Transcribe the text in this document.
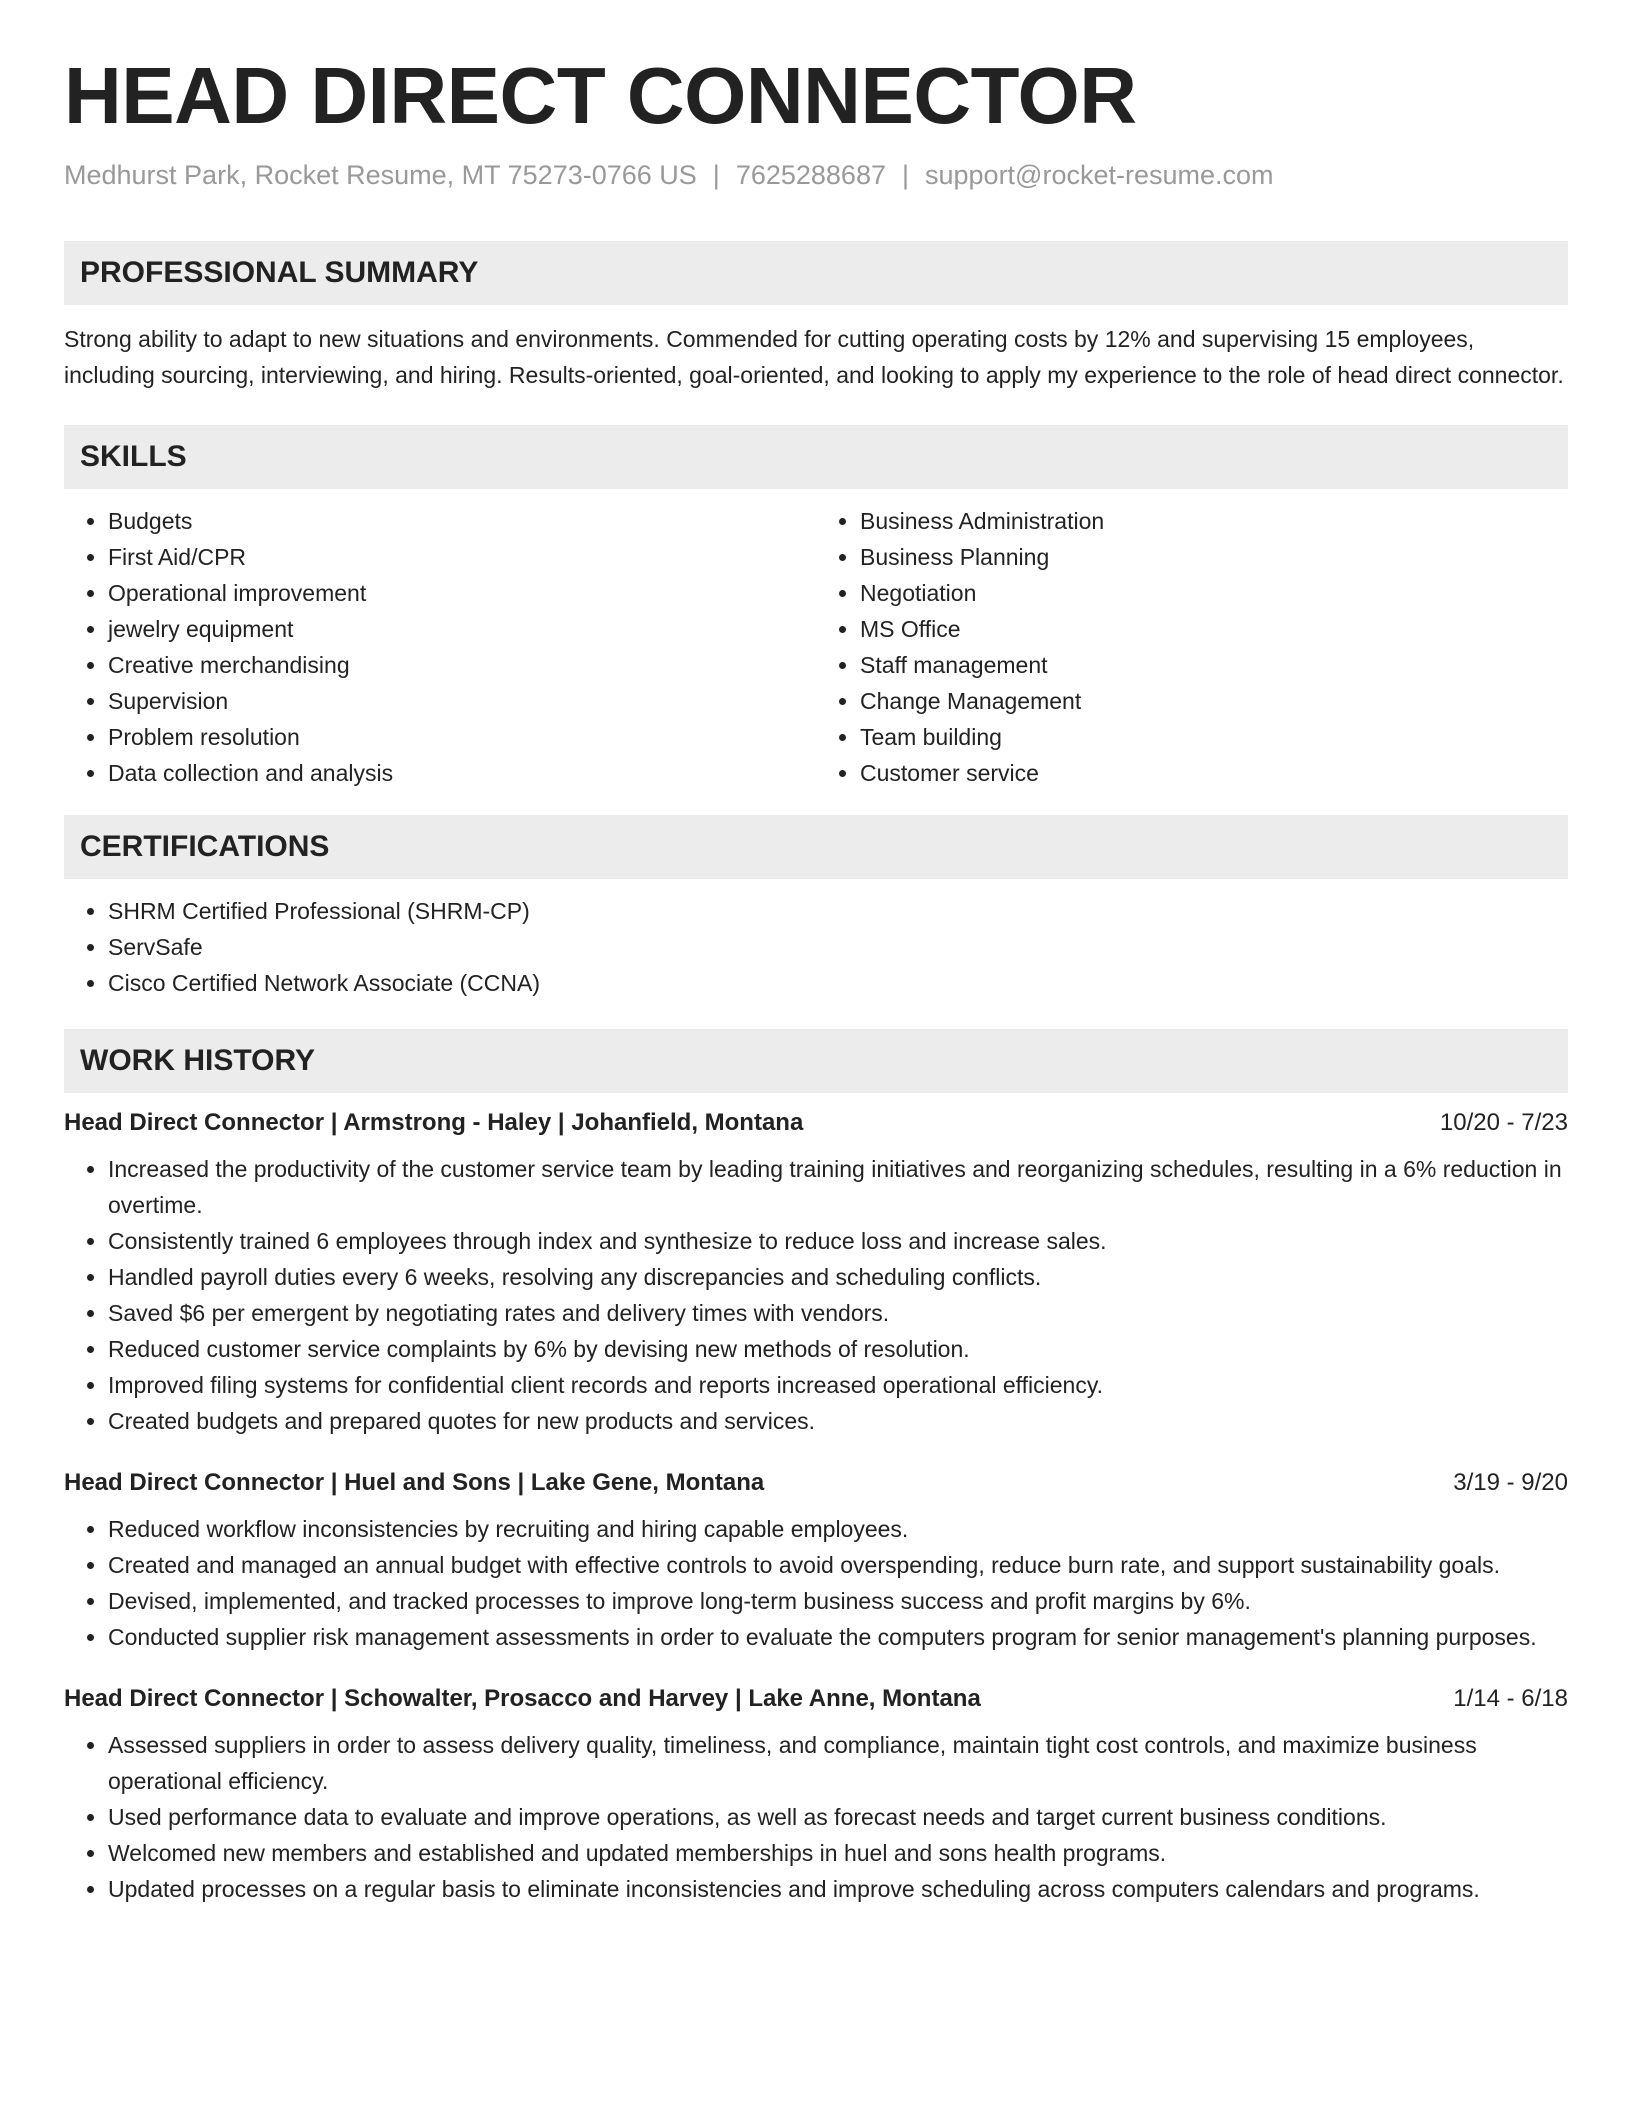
HEAD DIRECT CONNECTOR
Medhurst Park, Rocket Resume, MT 75273-0766 US | 7625288687 | support@rocket-resume.com
PROFESSIONAL SUMMARY
Strong ability to adapt to new situations and environments. Commended for cutting operating costs by 12% and supervising 15 employees, including sourcing, interviewing, and hiring. Results-oriented, goal-oriented, and looking to apply my experience to the role of head direct connector.
SKILLS
• Budgets
• First Aid/CPR
• Operational improvement
• jewelry equipment
• Creative merchandising
• Supervision
• Problem resolution
• Data collection and analysis
• Business Administration
• Business Planning
• Negotiation
• MS Office
• Staff management
• Change Management
• Team building
• Customer service
CERTIFICATIONS
• SHRM Certified Professional (SHRM-CP)
• ServSafe
• Cisco Certified Network Associate (CCNA)
WORK HISTORY
Head Direct Connector | Armstrong - Haley | Johanfield, Montana	10/20 - 7/23
• Increased the productivity of the customer service team by leading training initiatives and reorganizing schedules, resulting in a 6% reduction in overtime.
• Consistently trained 6 employees through index and synthesize to reduce loss and increase sales.
• Handled payroll duties every 6 weeks, resolving any discrepancies and scheduling conflicts.
• Saved $6 per emergent by negotiating rates and delivery times with vendors.
• Reduced customer service complaints by 6% by devising new methods of resolution.
• Improved filing systems for confidential client records and reports increased operational efficiency.
• Created budgets and prepared quotes for new products and services.
Head Direct Connector | Huel and Sons | Lake Gene, Montana	3/19 - 9/20
• Reduced workflow inconsistencies by recruiting and hiring capable employees.
• Created and managed an annual budget with effective controls to avoid overspending, reduce burn rate, and support sustainability goals.
• Devised, implemented, and tracked processes to improve long-term business success and profit margins by 6%.
• Conducted supplier risk management assessments in order to evaluate the computers program for senior management's planning purposes.
Head Direct Connector | Schowalter, Prosacco and Harvey | Lake Anne, Montana	1/14 - 6/18
• Assessed suppliers in order to assess delivery quality, timeliness, and compliance, maintain tight cost controls, and maximize business operational efficiency.
• Used performance data to evaluate and improve operations, as well as forecast needs and target current business conditions.
• Welcomed new members and established and updated memberships in huel and sons health programs.
• Updated processes on a regular basis to eliminate inconsistencies and improve scheduling across computers calendars and programs.
